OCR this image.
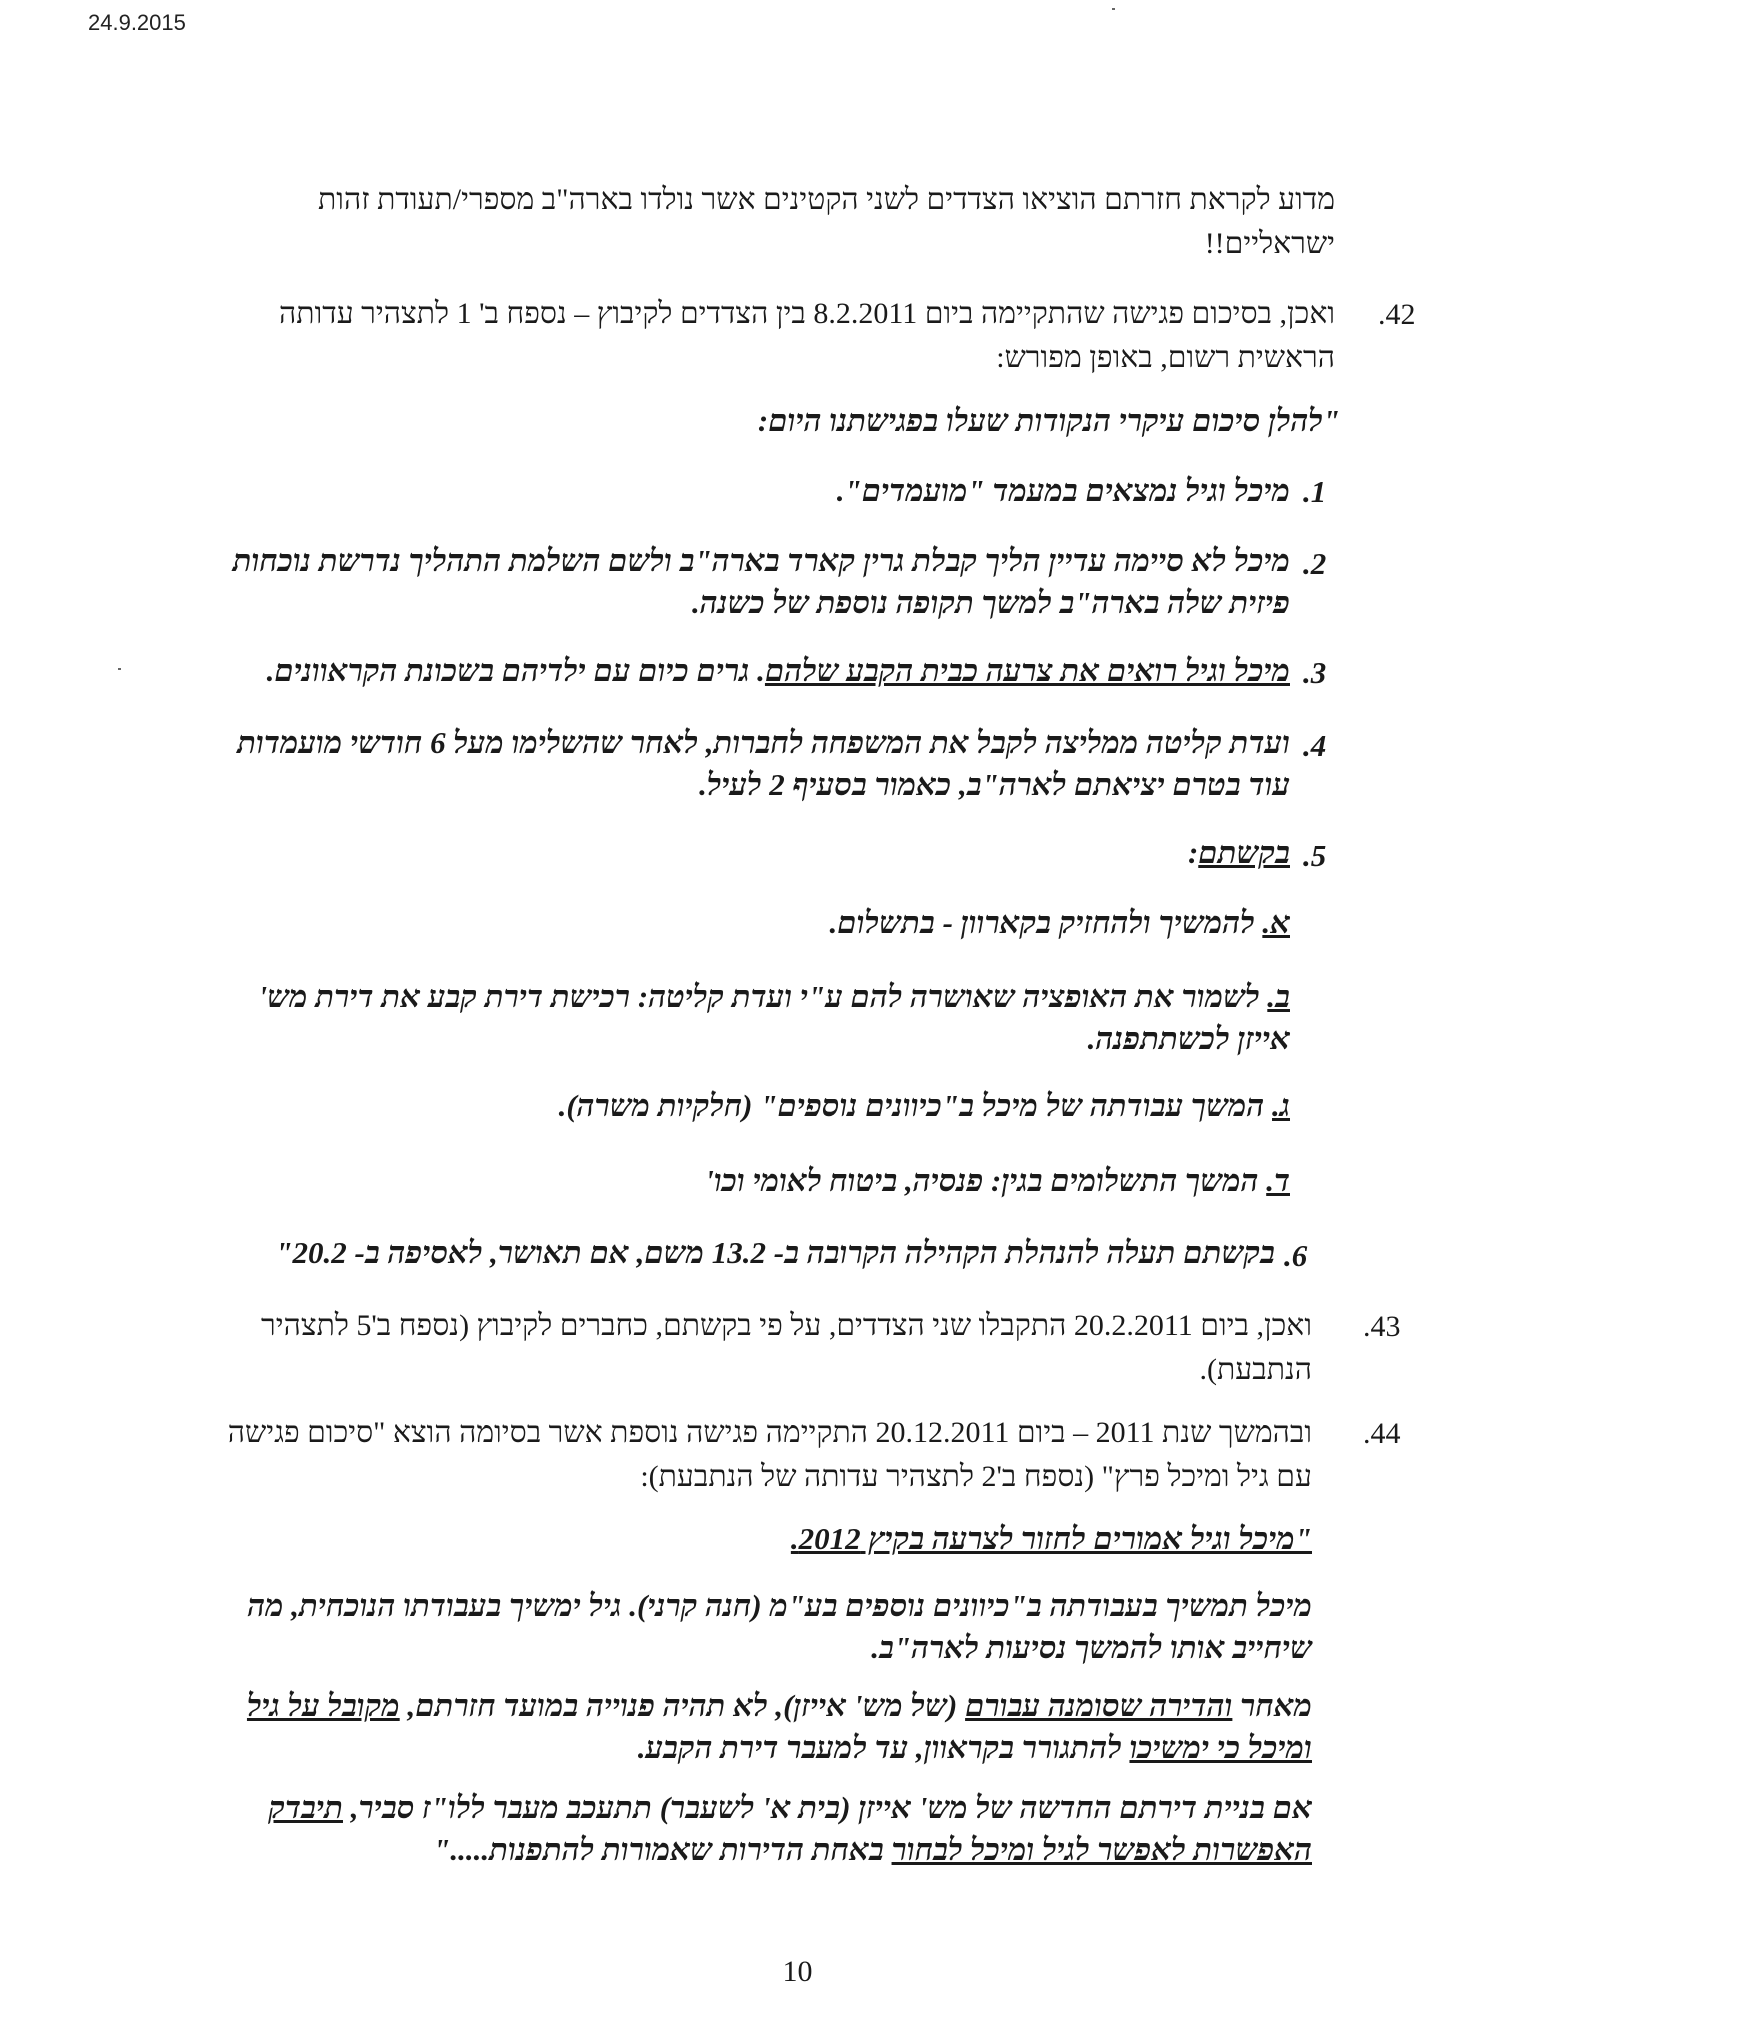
24.9.2015
מדוע לקראת חזרתם הוציאו הצדדים לשני הקטינים אשר נולדו בארה"ב מספרי/תעודת זהות ישראליים!!
.42
ואכן, בסיכום פגישה שהתקיימה ביום 8.2.2011 בין הצדדים לקיבוץ – נספח ב' 1 לתצהיר עדותה הראשית רשום, באופן מפורש:
"להלן סיכום עיקרי הנקודות שעלו בפגישתנו היום:
.1
מיכל וגיל נמצאים במעמד "מועמדים".
.2
מיכל לא סיימה עדיין הליך קבלת גרין קארד בארה"ב ולשם השלמת התהליך נדרשת נוכחות פיזית שלה בארה"ב למשך תקופה נוספת של כשנה.
.3
מיכל וגיל רואים את צרעה כבית הקבע שלהם. גרים כיום עם ילדיהם בשכונת הקראוונים.
.4
ועדת קליטה ממליצה לקבל את המשפחה לחברות, לאחר שהשלימו מעל 6 חודשי מועמדות עוד בטרם יציאתם לארה"ב, כאמור בסעיף 2 לעיל.
.5
בקשתם:
א. להמשיך ולהחזיק בקארוון - בתשלום.
ב. לשמור את האופציה שאושרה להם ע"י ועדת קליטה: רכישת דירת קבע את דירת מש' אייזן לכשתתפנה.
ג. המשך עבודתה של מיכל ב"כיוונים נוספים" (חלקיות משרה).
ד. המשך התשלומים בגין: פנסיה, ביטוח לאומי וכו'
.6
בקשתם תעלה להנהלת הקהילה הקרובה ב- 13.2 משם, אם תאושר, לאסיפה ב- 20.2"
.43
ואכן, ביום 20.2.2011 התקבלו שני הצדדים, על פי בקשתם, כחברים לקיבוץ (נספח ב'5 לתצהיר הנתבעת).
.44
ובהמשך שנת 2011 – ביום 20.12.2011 התקיימה פגישה נוספת אשר בסיומה הוצא "סיכום פגישה עם גיל ומיכל פרץ" (נספח ב'2 לתצהיר עדותה של הנתבעת):
"מיכל וגיל אמורים לחזור לצרעה בקיץ 2012.
מיכל תמשיך בעבודתה ב"כיוונים נוספים בע"מ (חנה קרני). גיל ימשיך בעבודתו הנוכחית, מה שיחייב אותו להמשך נסיעות לארה"ב.
מאחר והדירה שסומנה עבורם (של מש' אייזן), לא תהיה פנוייה במועד חזרתם, מקובל על גיל ומיכל כי ימשיכו להתגורר בקראוון, עד למעבר דירת הקבע.
אם בניית דירתם החדשה של מש' אייזן (בית א' לשעבר) תתעכב מעבר ללו"ז סביר, תיבדק האפשרות לאפשר לגיל ומיכל לבחור באחת הדירות שאמורות להתפנות....."
10
